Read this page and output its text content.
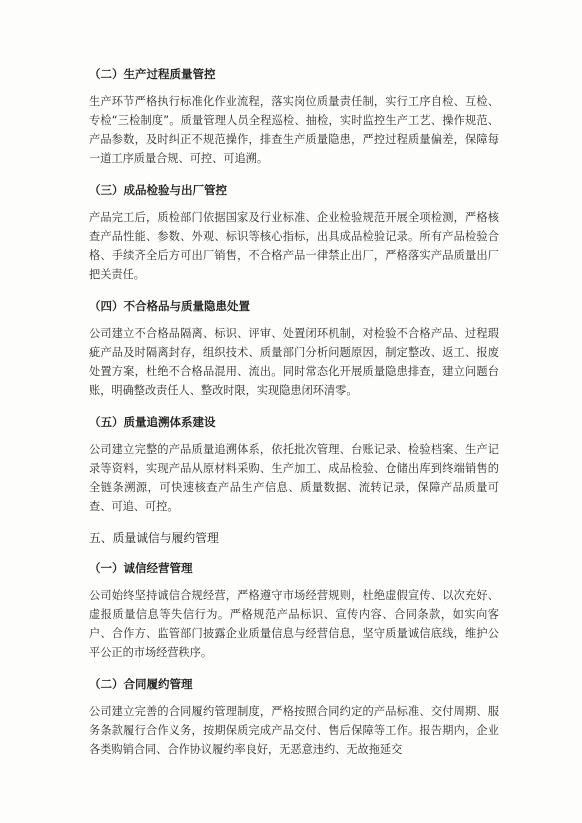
（二）生产过程质量管控

生产环节严格执行标准化作业流程，落实岗位质量责任制，实行工序自检、互检、专检“三检制度”。质量管理人员全程巡检、抽检，实时监控生产工艺、操作规范、产品参数，及时纠正不规范操作，排查生产质量隐患，严控过程质量偏差，保障每一道工序质量合规、可控、可追溯。

（三）成品检验与出厂管控

产品完工后，质检部门依据国家及行业标准、企业检验规范开展全项检测，严格核查产品性能、参数、外观、标识等核心指标，出具成品检验记录。所有产品检验合格、手续齐全后方可出厂销售，不合格产品一律禁止出厂，严格落实产品质量出厂把关责任。

（四）不合格品与质量隐患处置

公司建立不合格品隔离、标识、评审、处置闭环机制，对检验不合格产品、过程瑕疵产品及时隔离封存，组织技术、质量部门分析问题原因，制定整改、返工、报废处置方案，杜绝不合格品混用、流出。同时常态化开展质量隐患排查，建立问题台账，明确整改责任人、整改时限，实现隐患闭环清零。

（五）质量追溯体系建设

公司建立完整的产品质量追溯体系，依托批次管理、台账记录、检验档案、生产记录等资料，实现产品从原材料采购、生产加工、成品检验、仓储出库到终端销售的全链条溯源，可快速核查产品生产信息、质量数据、流转记录，保障产品质量可查、可追、可控。

五、质量诚信与履约管理

（一）诚信经营管理

公司始终坚持诚信合规经营，严格遵守市场经营规则，杜绝虚假宣传、以次充好、虚报质量信息等失信行为。严格规范产品标识、宣传内容、合同条款，如实向客户、合作方、监管部门披露企业质量信息与经营信息，坚守质量诚信底线，维护公平公正的市场经营秩序。

（二）合同履约管理

公司建立完善的合同履约管理制度，严格按照合同约定的产品标准、交付周期、服务条款履行合作义务，按期保质完成产品交付、售后保障等工作。报告期内，企业各类购销合同、合作协议履约率良好，无恶意违约、无故拖延交
